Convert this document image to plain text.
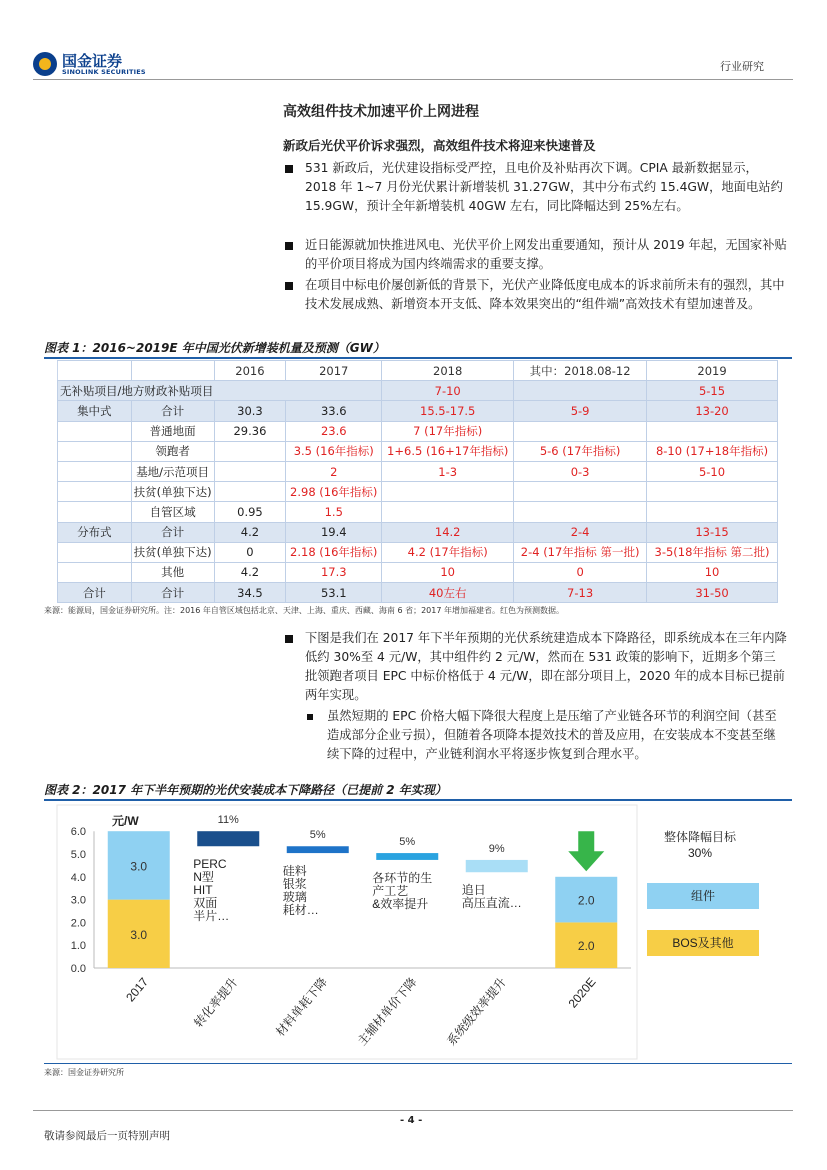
国金证券
SINOLINK SECURITIES	行业研究
高效组件技术加速平价上网进程
新政后光伏平价诉求强烈，高效组件技术将迎来快速普及
531 新政后，光伏建设指标受严控，且电价及补贴再次下调。CPIA 最新数据显示，2018 年 1~7 月份光伏累计新增装机 31.27GW，其中分布式约 15.4GW，地面电站约 15.9GW，预计全年新增装机 40GW 左右，同比降幅达到 25%左右。
近日能源就加快推进风电、光伏平价上网发出重要通知，预计从 2019 年起，无国家补贴的平价项目将成为国内终端需求的重要支撑。
在项目中标电价屡创新低的背景下，光伏产业降低度电成本的诉求前所未有的强烈，其中技术发展成熟、新增资本开支低、降本效果突出的“组件端”高效技术有望加速普及。
图表 1：2016~2019E 年中国光伏新增装机量及预测（GW）
		2016	2017	2018	其中：2018.08-12	2019
无补贴项目/地方财政补贴项目				7-10		5-15
集中式	合计	30.3	33.6	15.5-17.5	5-9	13-20
	普通地面	29.36	23.6	7 (17年指标)		
	领跑者		3.5 (16年指标)	1+6.5 (16+17年指标)	5-6 (17年指标)	8-10 (17+18年指标)
	基地/示范项目		2	1-3	0-3	5-10
	扶贫(单独下达)		2.98 (16年指标)			
	自管区域	0.95	1.5			
分布式	合计	4.2	19.4	14.2	2-4	13-15
	扶贫(单独下达)	0	2.18 (16年指标)	4.2 (17年指标)	2-4 (17年指标 第一批)	3-5(18年指标 第二批)
	其他	4.2	17.3	10	0	10
合计	合计	34.5	53.1	40左右	7-13	31-50
来源：能源局，国金证券研究所。注：2016 年自管区域包括北京、天津、上海、重庆、西藏、海南 6 省；2017 年增加福建省。红色为预测数据。
下图是我们在 2017 年下半年预期的光伏系统建造成本下降路径，即系统成本在三年内降低约 30%至 4 元/W，其中组件约 2 元/W，然而在 531 政策的影响下，近期多个第三批领跑者项目 EPC 中标价格低于 4 元/W，即在部分项目上，2020 年的成本目标已提前两年实现。
虽然短期的 EPC 价格大幅下降很大程度上是压缩了产业链各环节的利润空间（甚至造成部分企业亏损），但随着各项降本提效技术的普及应用，在安装成本不变甚至继续下降的过程中，产业链利润水平将逐步恢复到合理水平。
图表 2：2017 年下半年预期的光伏安装成本下降路径（已提前 2 年实现）
0.0
1.0
2.0
3.0
4.0
5.0
6.0
元/W
3.0
3.0
2.0
2.0
11%
PERC
N型
HIT
双面
半片…
5%
硅料
银浆
玻璃
耗材…
5%
各环节的生
产工艺
&效率提升
9%
追日
高压直流…
2017	转化率提升	材料单耗下降 主辅材单价下降 系统级效率提升	2020E
整体降幅目标
30%
组件
BOS及其他
来源：国金证券研究所
- 4 -
敬请参阅最后一页特别声明
